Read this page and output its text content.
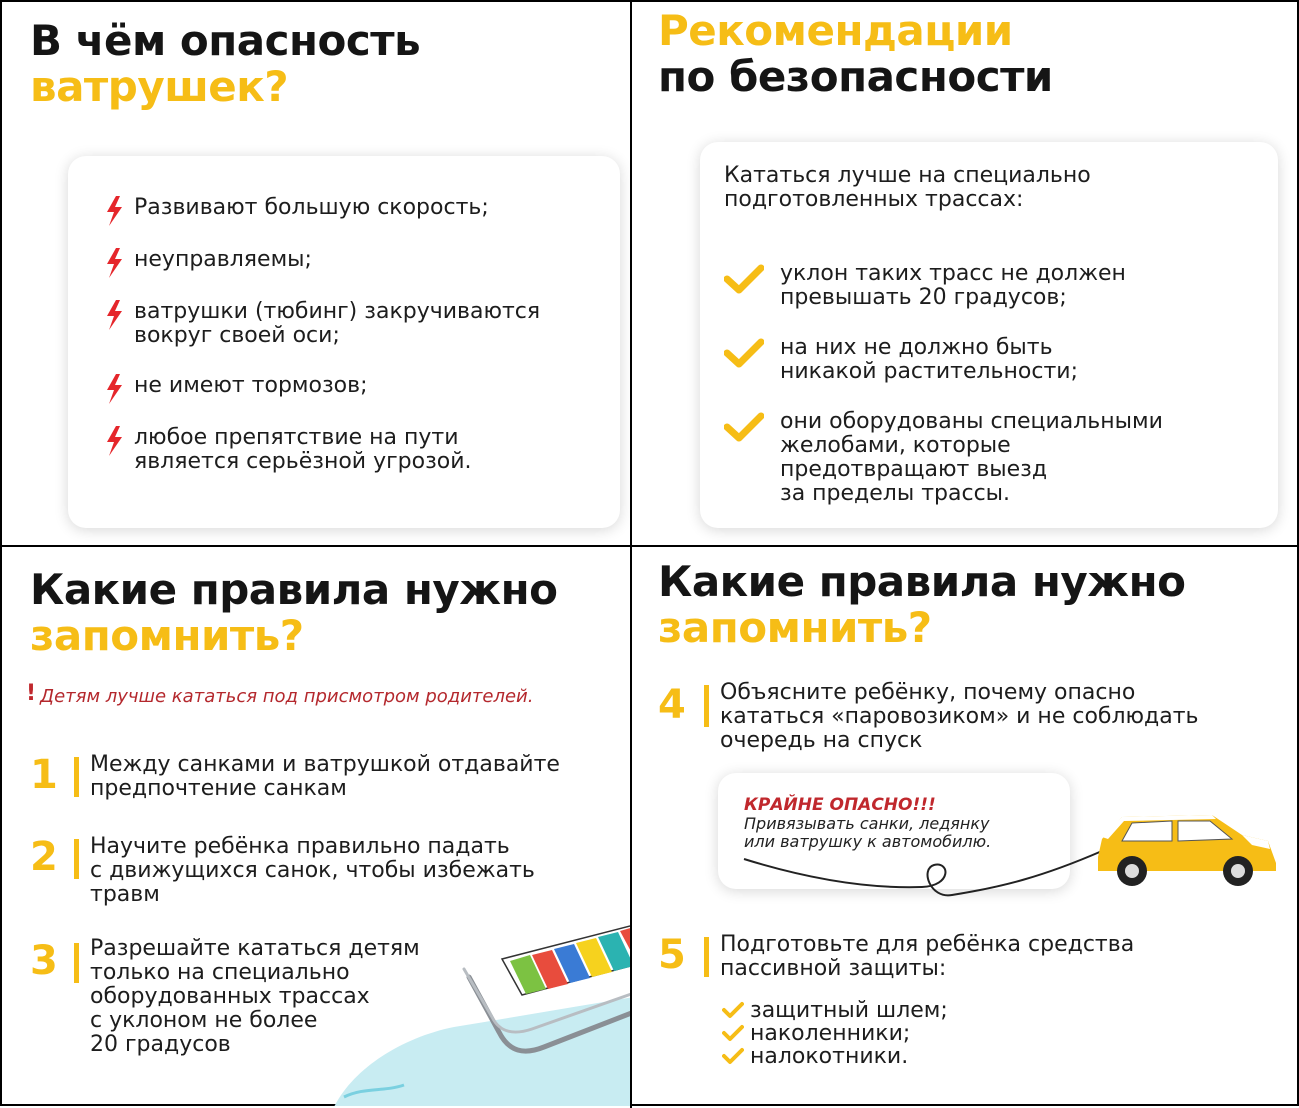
В чём опасность
ватрушек?
Развивают большую скорость;
неуправляемы;
ватрушки (тюбинг) закручиваются
вокруг своей оси;
не имеют тормозов;
любое препятствие на пути
является серьёзной угрозой.
Рекомендации
по безопасности
Кататься лучше на специально
подготовленных трассах:
уклон таких трасс не должен
превышать 20 градусов;
на них не должно быть
никакой растительности;
они оборудованы специальными
желобами, которые
предотвращают выезд
за пределы трассы.
Какие правила нужно
запомнить?
! Детям лучше кататься под присмотром родителей.
1 Между санками и ватрушкой отдавайте
предпочтение санкам
2 Научите ребёнка правильно падать
с движущихся санок, чтобы избежать
травм
3 Разрешайте кататься детям
только на специально
оборудованных трассах
с уклоном не более
20 градусов
Какие правила нужно
запомнить?
4 Объясните ребёнку, почему опасно
кататься «паровозиком» и не соблюдать
очередь на спуск
КРАЙНЕ ОПАСНО!!!
Привязывать санки, ледянку
или ватрушку к автомобилю.
5 Подготовьте для ребёнка средства
пассивной защиты:
защитный шлем;
наколенники;
налокотники.
